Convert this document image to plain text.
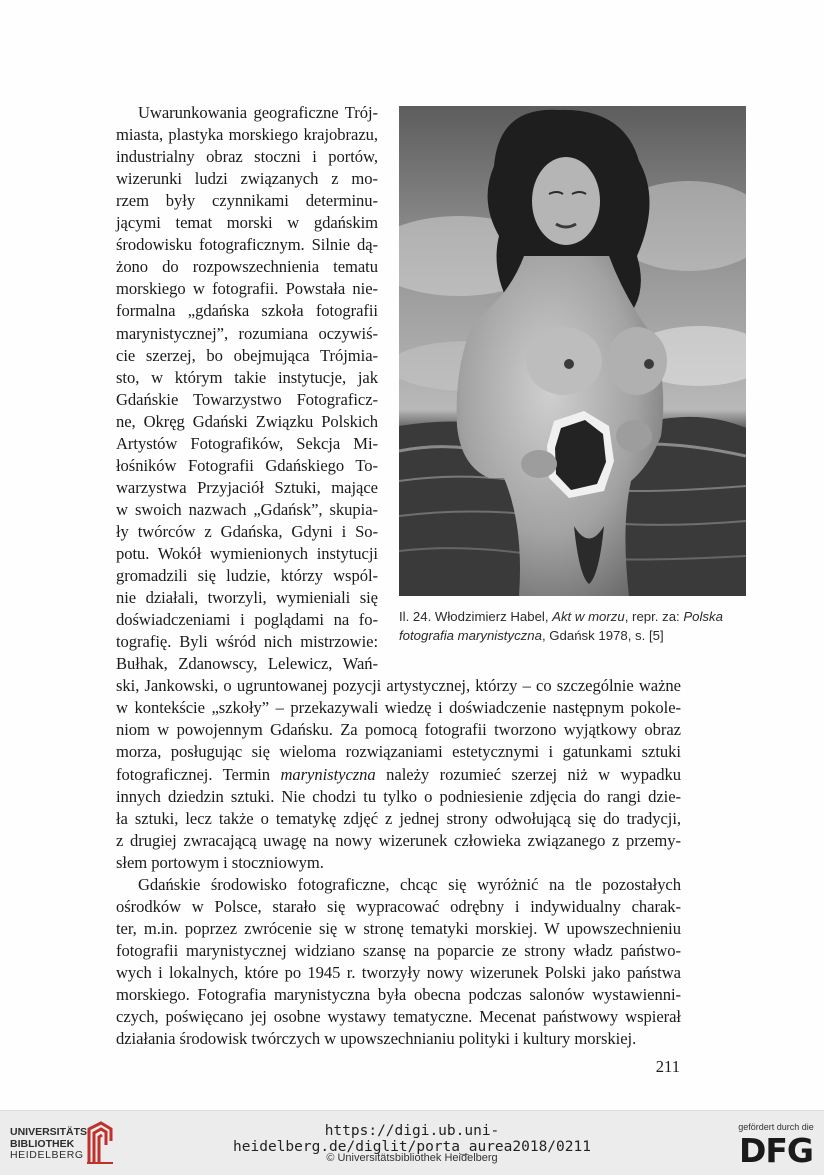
Uwarunkowania geograficzne Trój-
miasta, plastyka morskiego krajobrazu,
industrialny obraz stoczni i portów,
wizerunki ludzi związanych z mo-
rzem były czynnikami determinu-
jącymi temat morski w gdańskim
środowisku fotograficznym. Silnie dą-
żono do rozpowszechnienia tematu
morskiego w fotografii. Powstała nie-
formalna „gdańska szkoła fotografii
marynistycznej”, rozumiana oczywiś-
cie szerzej, bo obejmująca Trójmia-
sto, w którym takie instytucje, jak
Gdańskie Towarzystwo Fotograficz-
ne, Okręg Gdański Związku Polskich
Artystów Fotografików, Sekcja Mi-
łośników Fotografii Gdańskiego To-
warzystwa Przyjaciół Sztuki, mające
w swoich nazwach „Gdańsk”, skupia-
ły twórców z Gdańska, Gdyni i So-
potu. Wokół wymienionych instytucji
gromadzili się ludzie, którzy wspól-
nie działali, tworzyli, wymieniali się
doświadczeniami i poglądami na fo-
tografię. Byli wśród nich mistrzowie:
Bułhak, Zdanowscy, Lelewicz, Wań-
ski, Jankowski, o ugruntowanej pozycji artystycznej, którzy – co szczególnie ważne
w kontekście „szkoły” – przekazywali wiedzę i doświadczenie następnym pokole-
niom w powojennym Gdańsku. Za pomocą fotografii tworzono wyjątkowy obraz
morza, posługując się wieloma rozwiązaniami estetycznymi i gatunkami sztuki
fotograficznej. Termin marynistyczna należy rozumieć szerzej niż w wypadku
innych dziedzin sztuki. Nie chodzi tu tylko o podniesienie zdjęcia do rangi dzie-
ła sztuki, lecz także o tematykę zdjęć z jednej strony odwołującą się do tradycji,
z drugiej zwracającą uwagę na nowy wizerunek człowieka związanego z przemy-
słem portowym i stoczniowym.
Gdańskie środowisko fotograficzne, chcąc się wyróżnić na tle pozostałych
ośrodków w Polsce, starało się wypracować odrębny i indywidualny charak-
ter, m.in. poprzez zwrócenie się w stronę tematyki morskiej. W upowszechnieniu
fotografii marynistycznej widziano szansę na poparcie ze strony władz państwo-
wych i lokalnych, które po 1945 r. tworzyły nowy wizerunek Polski jako państwa
morskiego. Fotografia marynistyczna była obecna podczas salonów wystawienni-
czych, poświęcano jej osobne wystawy tematyczne. Mecenat państwowy wspierał
działania środowisk twórczych w upowszechnianiu polityki i kultury morskiej.
Il. 24. Włodzimierz Habel, Akt w morzu, repr. za: Polska fotografia marynistyczna, Gdańsk 1978, s. [5]
211
UNIVERSITÄTS-
BIBLIOTHEK
HEIDELBERG
https://digi.ub.uni-heidelberg.de/diglit/porta_aurea2018/0211
© Universitätsbibliothek Heidelberg
gefördert durch die
DFG
